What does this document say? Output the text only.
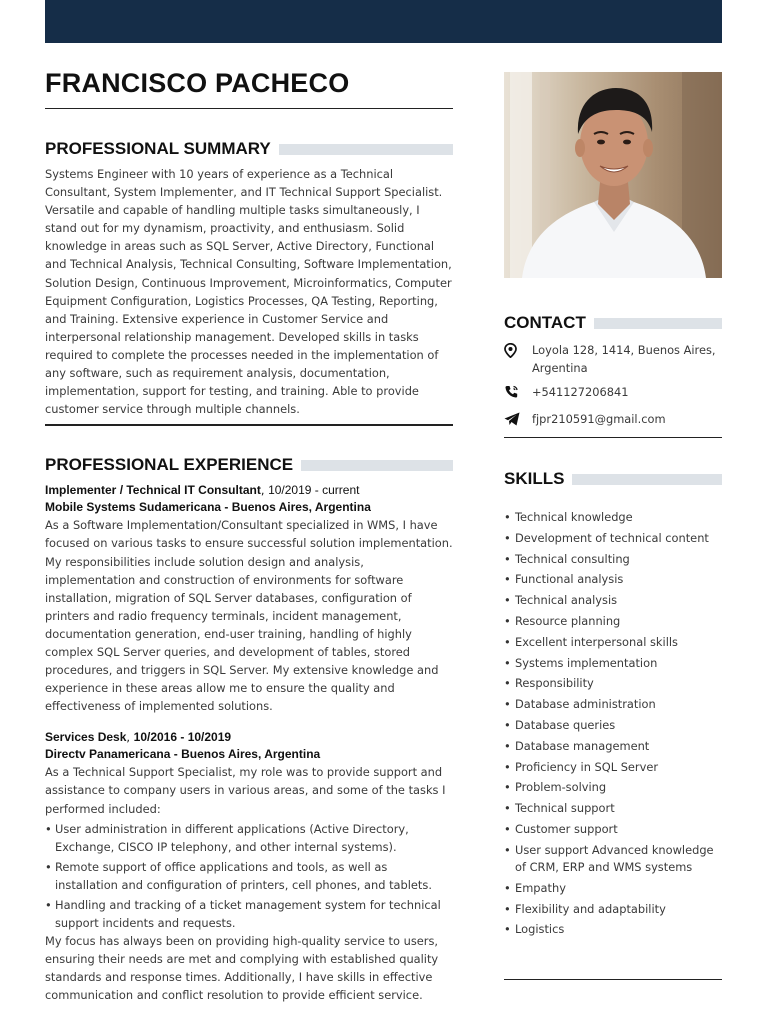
FRANCISCO PACHECO
PROFESSIONAL SUMMARY

Systems Engineer with 10 years of experience as a Technical Consultant, System Implementer, and IT Technical Support Specialist. Versatile and capable of handling multiple tasks simultaneously, I stand out for my dynamism, proactivity, and enthusiasm. Solid knowledge in areas such as SQL Server, Active Directory, Functional and Technical Analysis, Technical Consulting, Software Implementation, Solution Design, Continuous Improvement, Microinformatics, Computer Equipment Configuration, Logistics Processes, QA Testing, Reporting, and Training. Extensive experience in Customer Service and interpersonal relationship management. Developed skills in tasks required to complete the processes needed in the implementation of any software, such as requirement analysis, documentation, implementation, support for testing, and training. Able to provide customer service through multiple channels.

PROFESSIONAL EXPERIENCE
Implementer / Technical IT Consultant, 10/2019 - current
Mobile Systems Sudamericana - Buenos Aires, Argentina

As a Software Implementation/Consultant specialized in WMS, I have focused on various tasks to ensure successful solution implementation. My responsibilities include solution design and analysis, implementation and construction of environments for software installation, migration of SQL Server databases, configuration of printers and radio frequency terminals, incident management, documentation generation, end-user training, handling of highly complex SQL Server queries, and development of tables, stored procedures, and triggers in SQL Server. My extensive knowledge and experience in these areas allow me to ensure the quality and effectiveness of implemented solutions.

Services Desk, 10/2016 - 10/2019
Directv Panamericana - Buenos Aires, Argentina

As a Technical Support Specialist, my role was to provide support and assistance to company users in various areas, and some of the tasks I performed included:

• User administration in different applications (Active Directory, Exchange, CISCO IP telephony, and other internal systems).
• Remote support of office applications and tools, as well as installation and configuration of printers, cell phones, and tablets.
• Handling and tracking of a ticket management system for technical support incidents and requests.

My focus has always been on providing high-quality service to users, ensuring their needs are met and complying with established quality standards and response times. Additionally, I have skills in effective communication and conflict resolution to provide efficient service.

CONTACT
Loyola 128, 1414, Buenos Aires, Argentina
+541127206841
fjpr210591@gmail.com
SKILLS
• Technical knowledge
• Development of technical content
• Technical consulting
• Functional analysis
• Technical analysis
• Resource planning
• Excellent interpersonal skills
• Systems implementation
• Responsibility
• Database administration
• Database queries
• Database management
• Proficiency in SQL Server
• Problem-solving
• Technical support
• Customer support
• User support Advanced knowledge of CRM, ERP and WMS systems
• Empathy
• Flexibility and adaptability
• Logistics
